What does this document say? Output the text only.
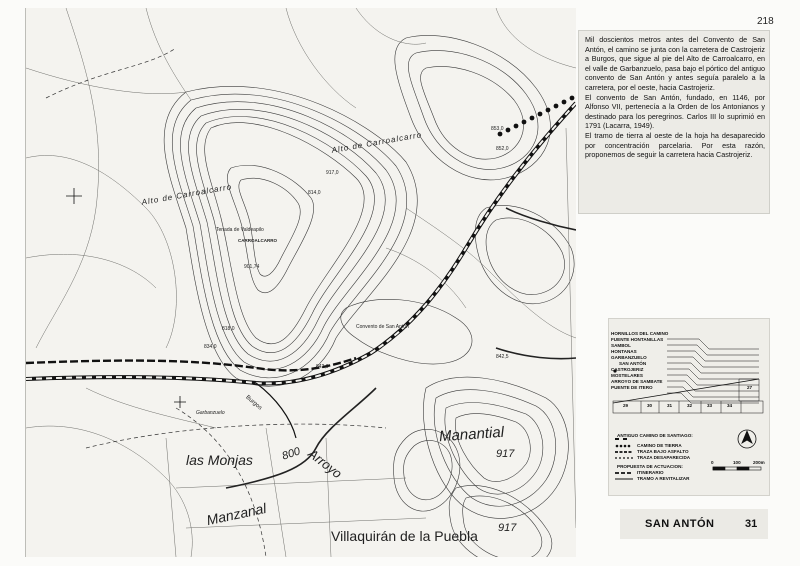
Alto de Carroalcarro
Alto de Carroalcarro
Tenada de Valdeapilo
CARROALCARRO
Convento de San Antón
Manantial
las Monjas	Arroyo
Manzanal
Villaquirán de la Puebla
Garbanzuelo
Burgos
917
917
800
917,0
901,74
834,0
818,0
814,0
842,0
853,0
852,0
842,5
218

Mil doscientos metros antes del Convento de San Antón, el camino se junta con la carretera de Castrojeriz a Burgos, que sigue al pie del Alto de Carroalcarro, en el valle de Garbanzuelo, pasa bajo el pórtico del antiguo convento de San Antón y antes seguía paralelo a la carretera, por el oeste, hacia Castrojeriz.

El convento de San Antón, fundado, en 1146, por Alfonso VII, pertenecía a la Orden de los Antonianos y destinado para los peregrinos. Carlos III lo suprimió en 1791 (Lacarra, 1949).

El tramo de tierra al oeste de la hoja ha desaparecido por concentración parcelaria. Por esta razón, proponemos de seguir la carretera hacia Castrojeriz.

HORNILLOS DEL CAMINO
FUENTE HONTANILLAS
SAMBOL
HONTANAS
GARBANZUELO
SAN ANTÓN
CASTROJERIZ
MOSTELARES
ARROYO DE SAMBATE
PUENTE DE ITERO
29	30	31	32	33	34
27
ANTIGUO CAMINO DE SANTIAGO:
CAMINO DE TIERRA
TRAZA BAJO ASFALTO
TRAZA DESAPARECIDA
PROPUESTA DE ACTUACION:
ITINERARIO
TRAMO A REVITALIZAR
0	100	200m
SAN ANTÓN	31
